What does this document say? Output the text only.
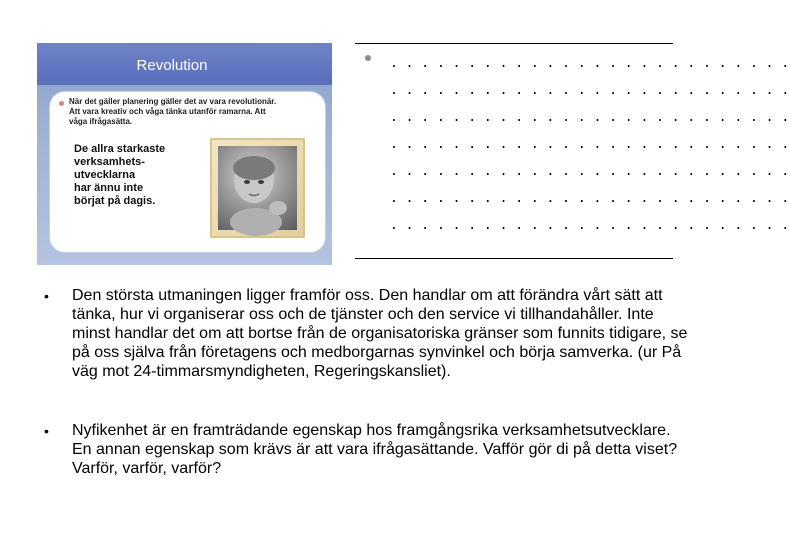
Revolution
När det gäller planering gäller det av vara revolutionär. Att vara kreativ och våga tänka utanför ramarna. Att våga ifrågasätta.
De allra starkaste
verksamhets-
utvecklarna
har ännu inte
börjat på dagis.
. . . . . . . . . . . . . . . . . . . . . . . . . .
. . . . . . . . . . . . . . . . . . . . . . . . . .
. . . . . . . . . . . . . . . . . . . . . . . . . .
. . . . . . . . . . . . . . . . . . . . . . . . . .
. . . . . . . . . . . . . . . . . . . . . . . . . .
. . . . . . . . . . . . . . . . . . . . . . . . . .
. . . . . . . . . . . . . . . . . . . . . . . . . .
• Den största utmaningen ligger framför oss. Den handlar om att förändra vårt sätt att tänka, hur vi organiserar oss och de tjänster och den service vi tillhandahåller. Inte minst handlar det om att bortse från de organisatoriska gränser som funnits tidigare, se på oss själva från företagens och medborgarnas synvinkel och börja samverka. (ur På väg mot 24-timmarsmyndigheten, Regeringskansliet).
• Nyfikenhet är en framträdande egenskap hos framgångsrika verksamhetsutvecklare. En annan egenskap som krävs är att vara ifrågasättande. Vafför gör di på detta viset? Varför, varför, varför?
